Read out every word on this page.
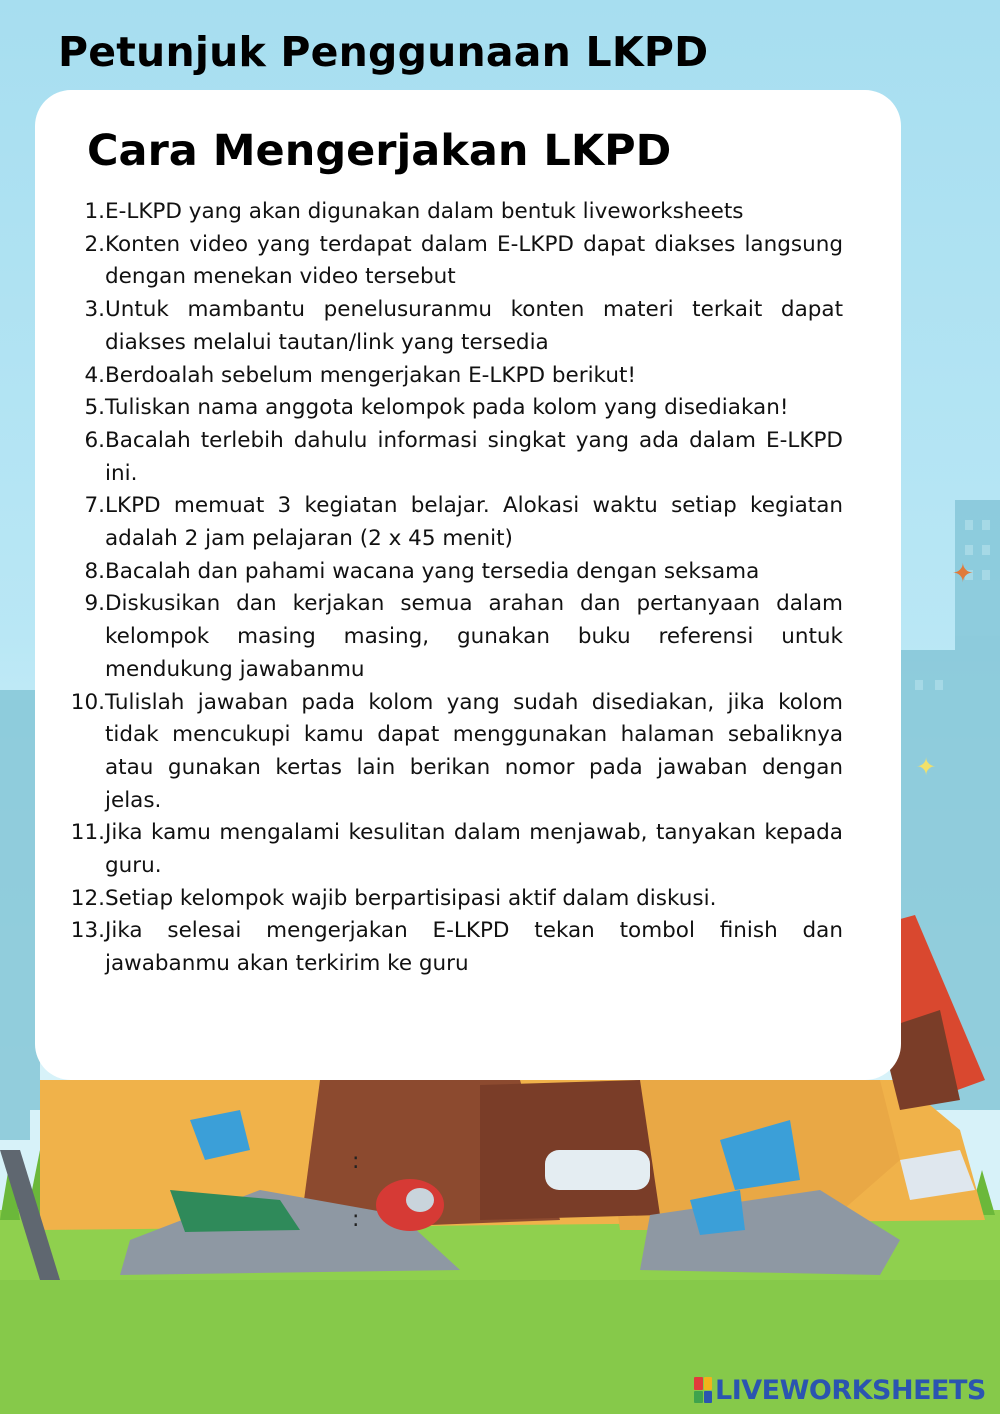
✦
✦
:
:
Petunjuk Penggunaan LKPD
Cara Mengerjakan LKPD
1. E-LKPD yang akan digunakan dalam bentuk liveworksheets
2. Konten video yang terdapat dalam E-LKPD dapat diakses langsung dengan menekan video tersebut
3. Untuk mambantu penelusuranmu konten materi terkait dapat diakses melalui tautan/link yang tersedia
4. Berdoalah sebelum mengerjakan E-LKPD berikut!
5. Tuliskan nama anggota kelompok pada kolom yang disediakan!
6. Bacalah terlebih dahulu informasi singkat yang ada dalam E-LKPD ini.
7. LKPD memuat 3 kegiatan belajar. Alokasi waktu setiap kegiatan adalah 2 jam pelajaran (2 x 45 menit)
8. Bacalah dan pahami wacana yang tersedia dengan seksama
9. Diskusikan dan kerjakan semua arahan dan pertanyaan dalam kelompok masing masing, gunakan buku referensi untuk mendukung jawabanmu
10. Tulislah jawaban pada kolom yang sudah disediakan, jika kolom tidak mencukupi kamu dapat menggunakan halaman sebaliknya atau gunakan kertas lain berikan nomor pada jawaban dengan jelas.
11. Jika kamu mengalami kesulitan dalam menjawab, tanyakan kepada guru.
12. Setiap kelompok wajib berpartisipasi aktif dalam diskusi.
13. Jika selesai mengerjakan E-LKPD tekan tombol finish dan jawabanmu akan terkirim ke guru
LIVEWORKSHEETS
